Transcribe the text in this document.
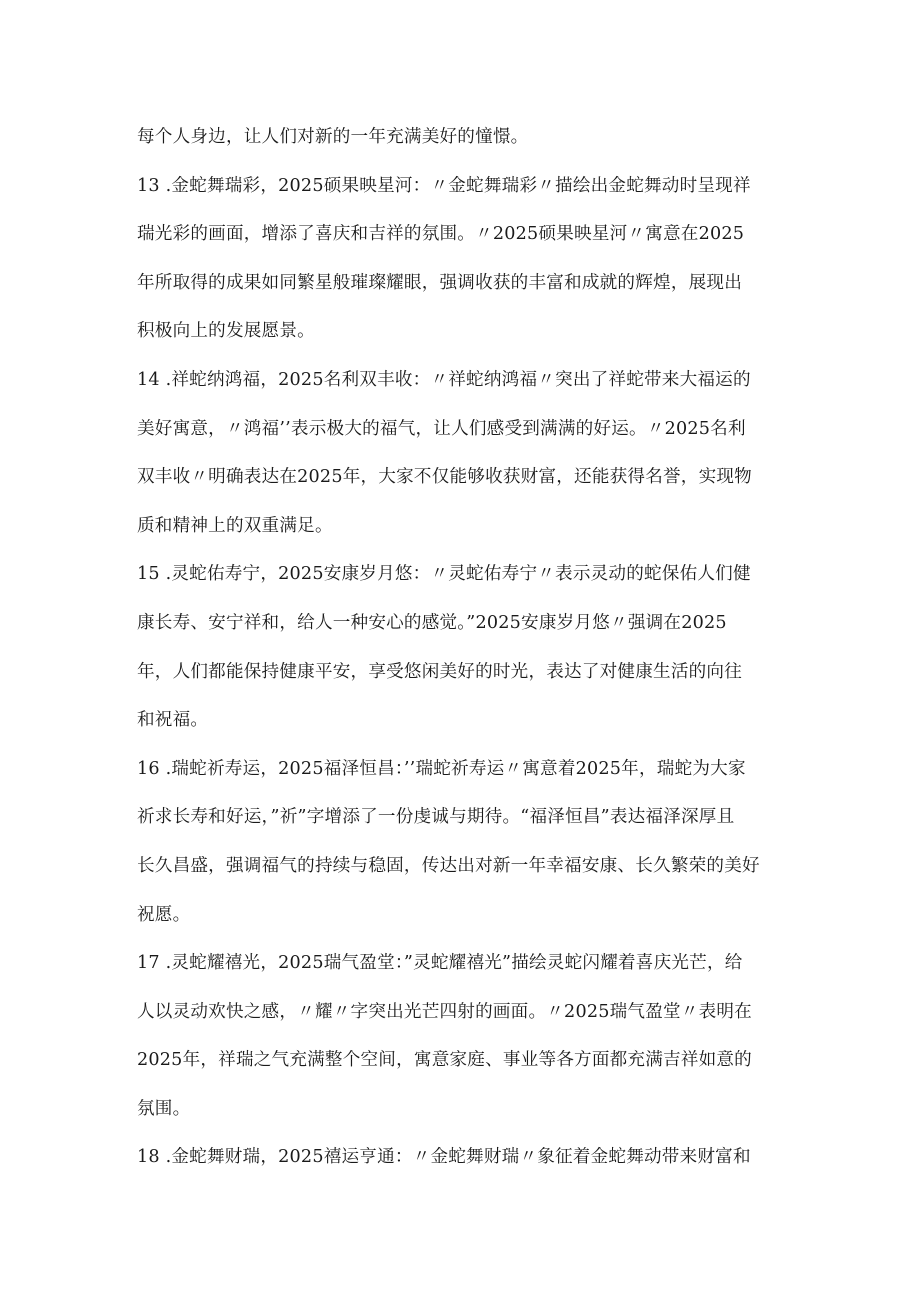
每个人身边，让人们对新的一年充满美好的憧憬。
13 .金蛇舞瑞彩，2025硕果映星河：〃金蛇舞瑞彩〃描绘出金蛇舞动时呈现祥
瑞光彩的画面，增添了喜庆和吉祥的氛围。〃2025硕果映星河〃寓意在2025
年所取得的成果如同繁星般璀璨耀眼，强调收获的丰富和成就的辉煌，展现出
积极向上的发展愿景。
14 .祥蛇纳鸿福，2025名利双丰收：〃祥蛇纳鸿福〃突出了祥蛇带来大福运的
美好寓意，〃鸿福’’表示极大的福气，让人们感受到满满的好运。〃2025名利
双丰收〃明确表达在2025年，大家不仅能够收获财富，还能获得名誉，实现物
质和精神上的双重满足。
15 .灵蛇佑寿宁，2025安康岁月悠：〃灵蛇佑寿宁〃表示灵动的蛇保佑人们健
康长寿、安宁祥和，给人一种安心的感觉。”2025安康岁月悠〃强调在2025
年，人们都能保持健康平安，享受悠闲美好的时光，表达了对健康生活的向往
和祝福。
16 .瑞蛇祈寿运，2025福泽恒昌：’’瑞蛇祈寿运〃寓意着2025年，瑞蛇为大家
祈求长寿和好运，”祈”字增添了一份虔诚与期待。“福泽恒昌”表达福泽深厚且
长久昌盛，强调福气的持续与稳固，传达出对新一年幸福安康、长久繁荣的美好
祝愿。
17 .灵蛇耀禧光，2025瑞气盈堂：”灵蛇耀禧光”描绘灵蛇闪耀着喜庆光芒，给
人以灵动欢快之感，〃耀〃字突出光芒四射的画面。〃2025瑞气盈堂〃表明在
2025年，祥瑞之气充满整个空间，寓意家庭、事业等各方面都充满吉祥如意的
氛围。
18 .金蛇舞财瑞，2025禧运亨通：〃金蛇舞财瑞〃象征着金蛇舞动带来财富和
